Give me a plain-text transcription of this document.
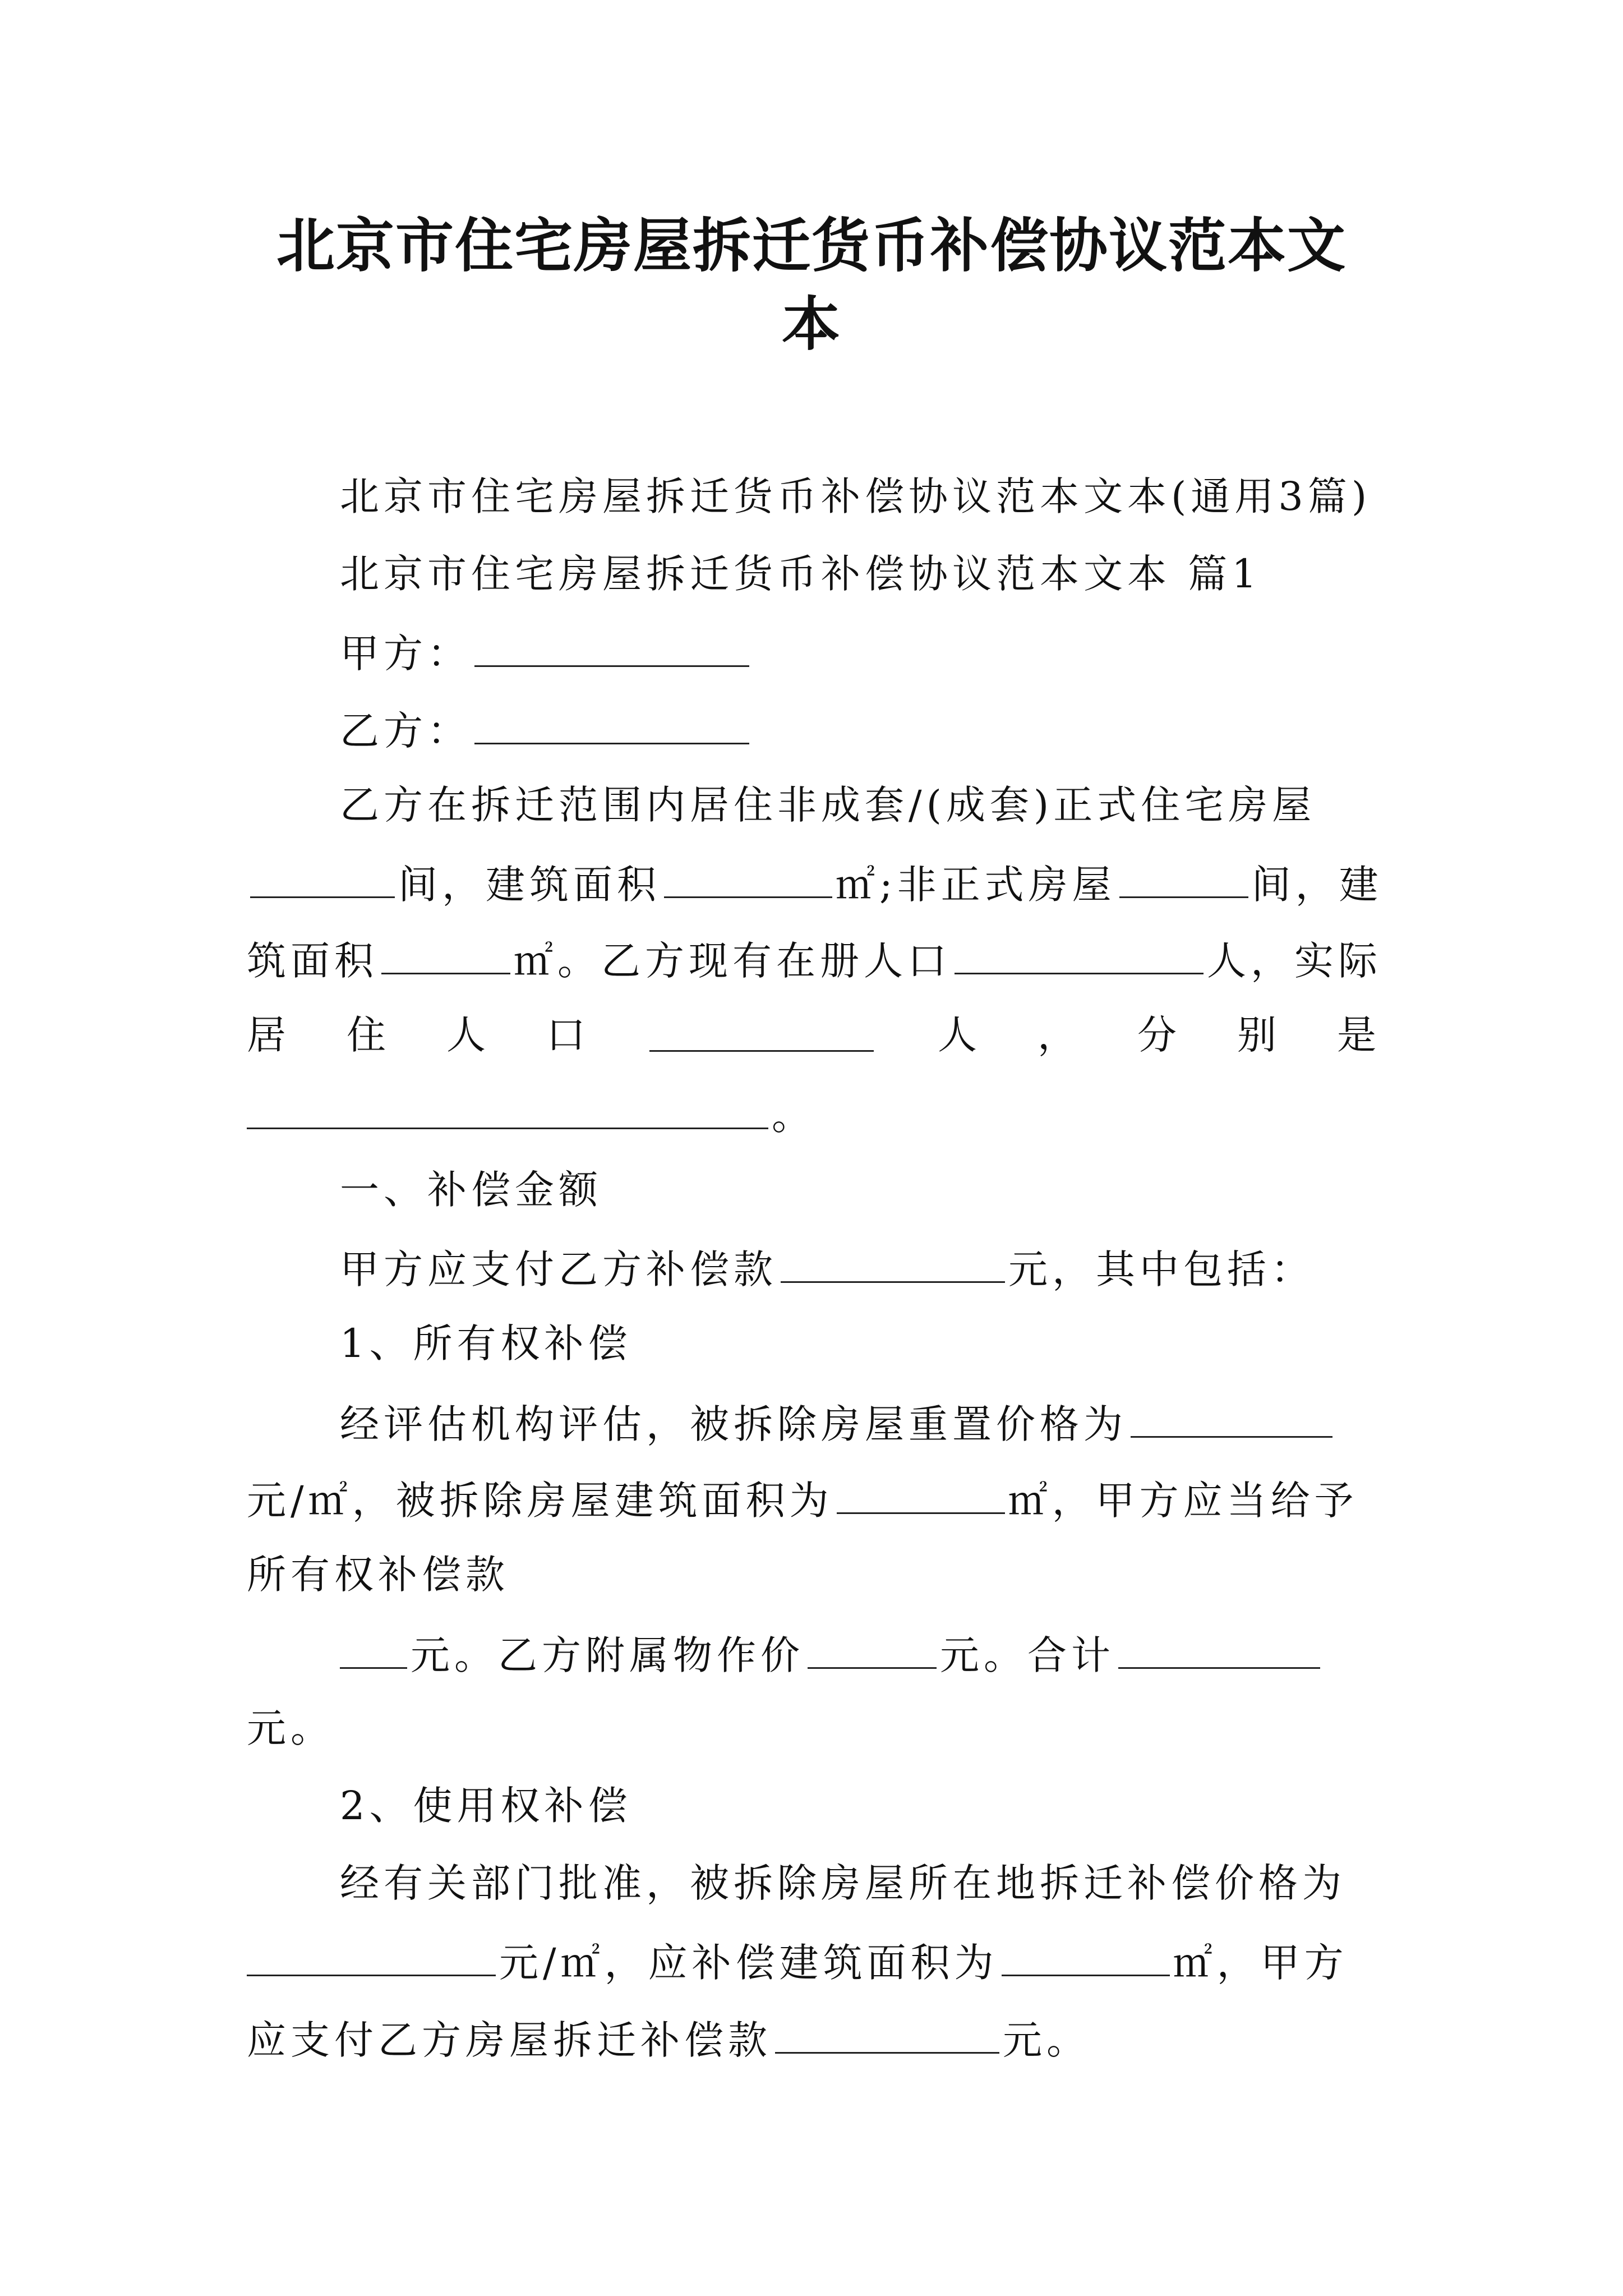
北京市住宅房屋拆迁货币补偿协议范本文
本
北京市住宅房屋拆迁货币补偿协议范本文本(通用3篇)
北京市住宅房屋拆迁货币补偿协议范本文本 篇1
甲方：
乙方：
乙方在拆迁范围内居住非成套/(成套)正式住宅房屋
间，建筑面积	㎡;非正式房屋	间，建
筑面积	㎡。乙方现有在册人口	人，实际
居 住 人 口	人 ， 分 别 是
。
一、补偿金额
甲方应支付乙方补偿款	元，其中包括：
1、所有权补偿
经评估机构评估，被拆除房屋重置价格为
元/㎡，被拆除房屋建筑面积为	㎡，甲方应当给予
所有权补偿款
元。乙方附属物作价	元。合计
元。
2、使用权补偿
经有关部门批准，被拆除房屋所在地拆迁补偿价格为
元/㎡，应补偿建筑面积为	㎡，甲方
应支付乙方房屋拆迁补偿款	元。
